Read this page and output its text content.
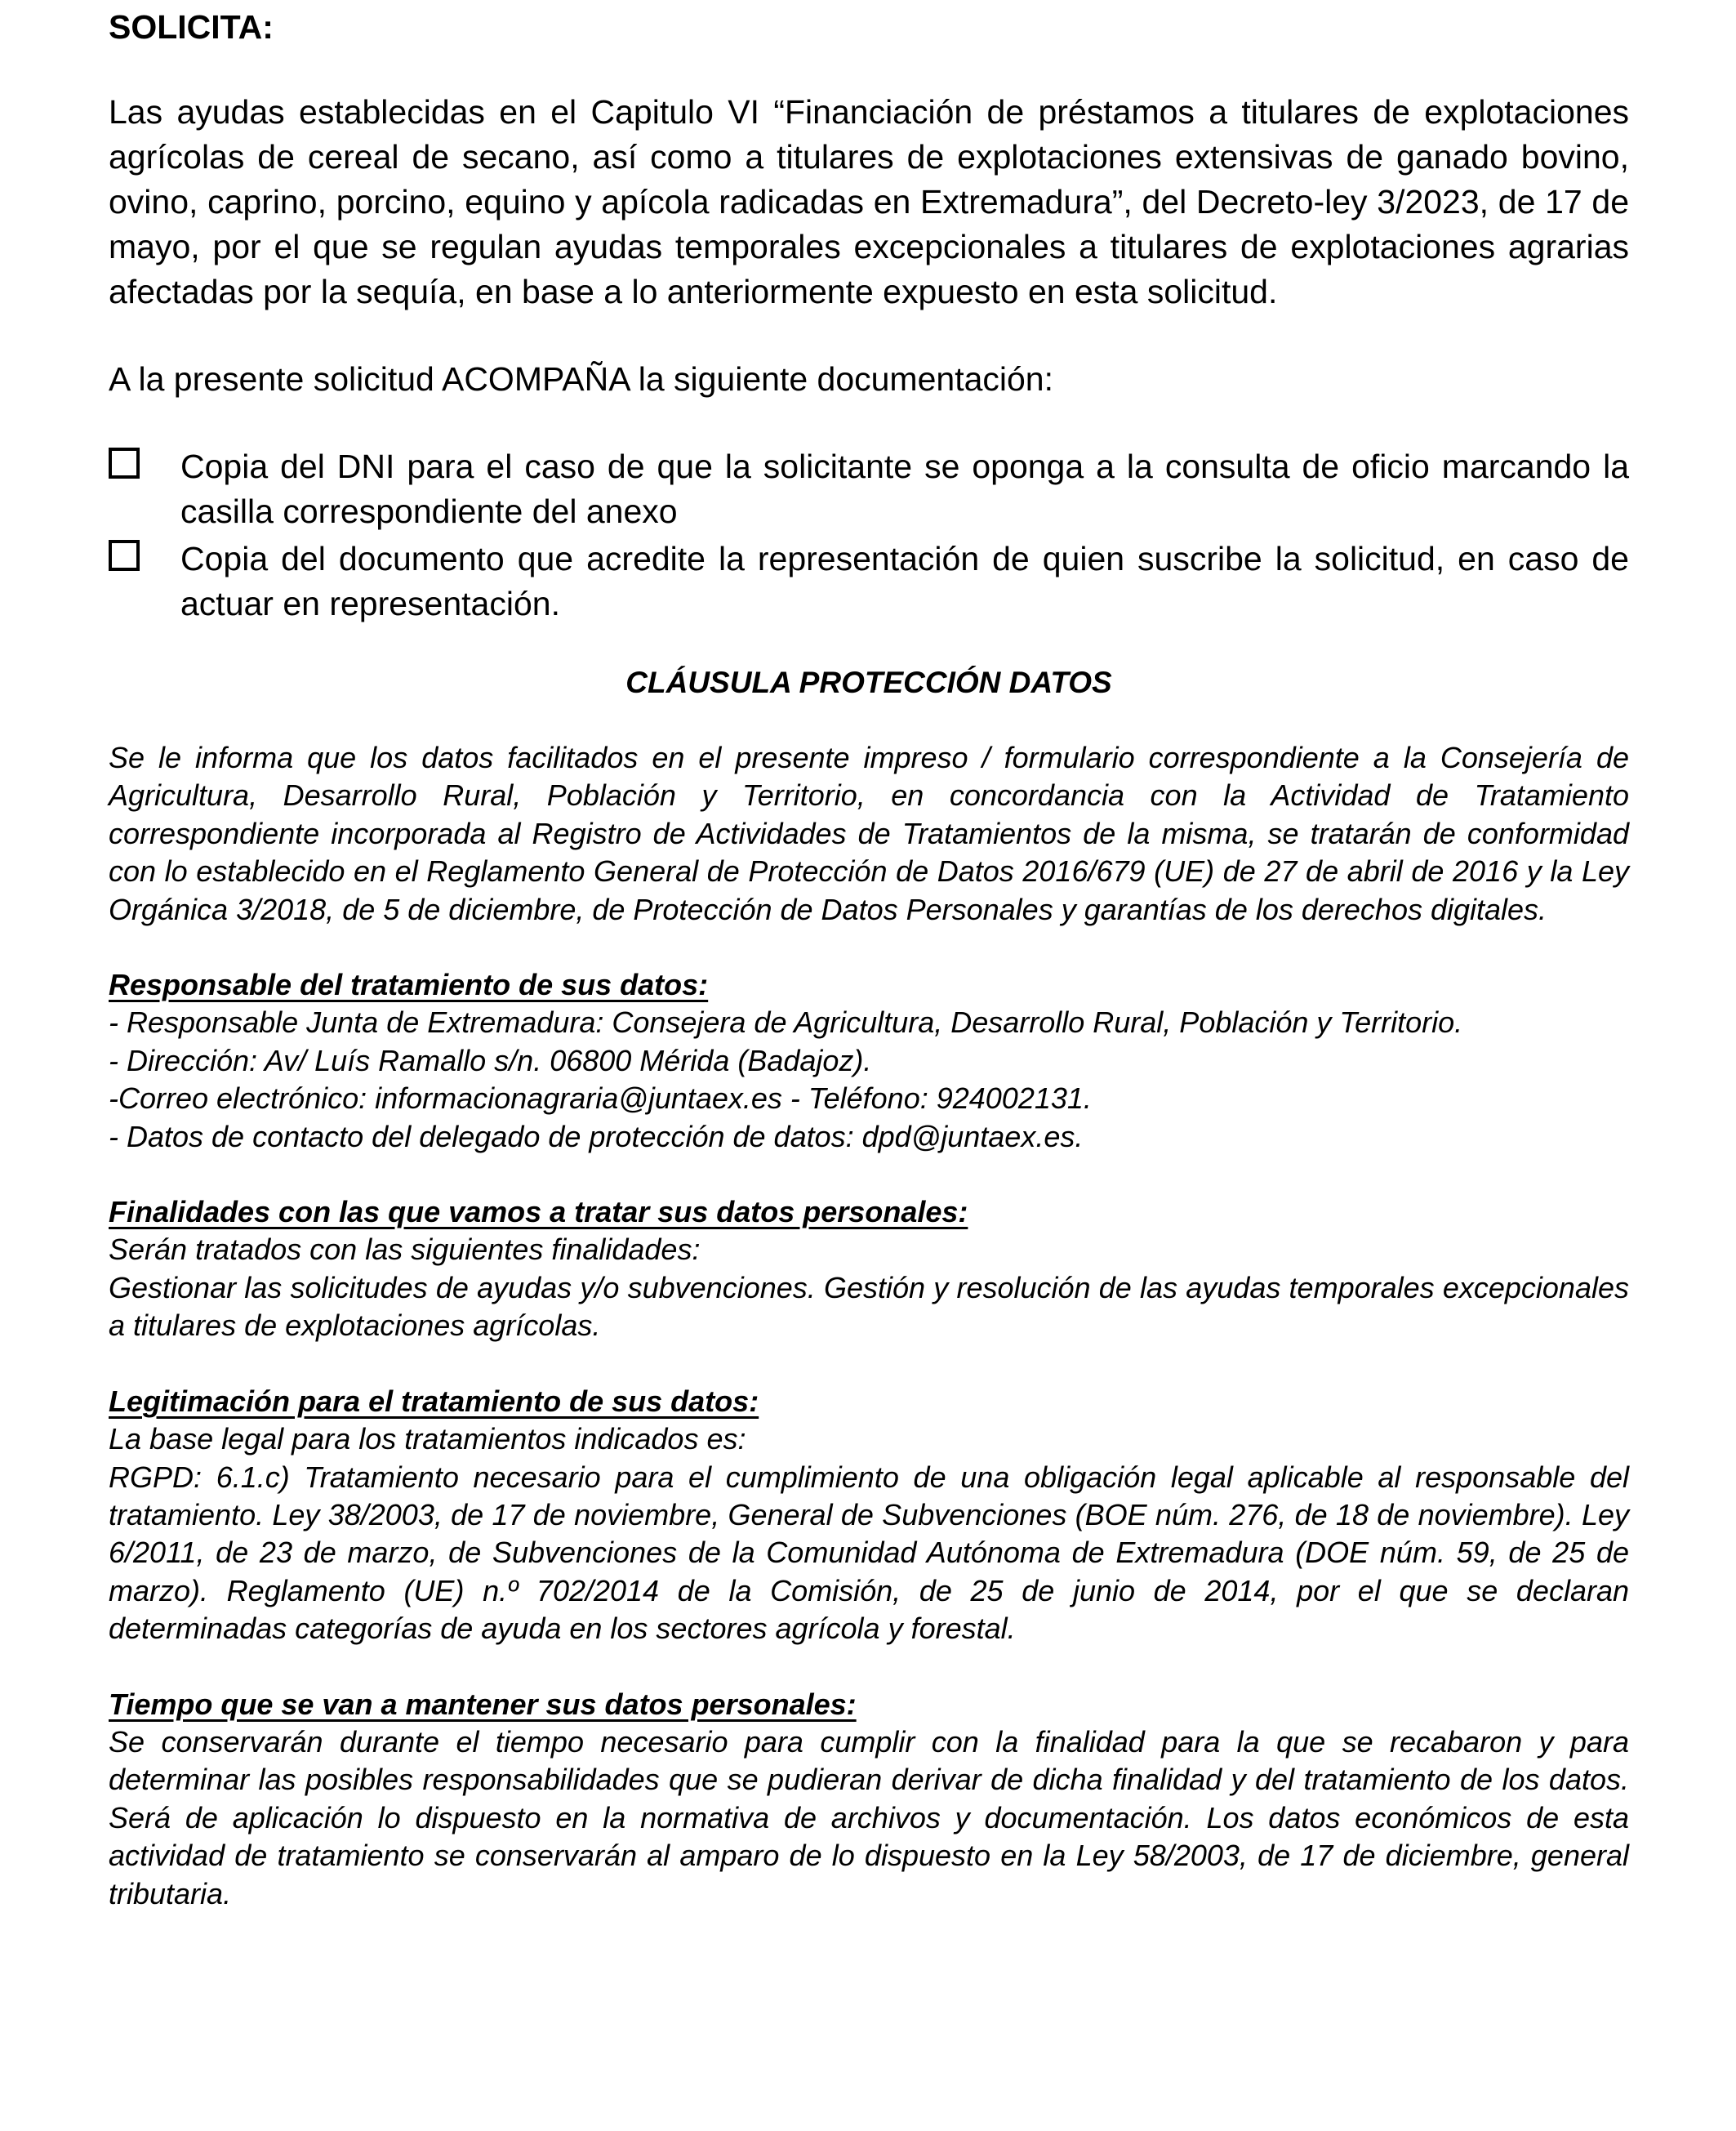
SOLICITA:
Las ayudas establecidas en el Capitulo VI “Financiación de préstamos a titulares de explotaciones agrícolas de cereal de secano, así como a titulares de explotaciones extensivas de ganado bovino, ovino, caprino, porcino, equino y apícola radicadas en Extremadura”, del Decreto-ley 3/2023, de 17 de mayo, por el que se regulan ayudas temporales excepcionales a titulares de explotaciones agrarias afectadas por la sequía, en base a lo anteriormente expuesto en esta solicitud.
A la presente solicitud ACOMPAÑA la siguiente documentación:
Copia del DNI para el caso de que la solicitante se oponga a la consulta de oficio marcando la casilla correspondiente del anexo
Copia del documento que acredite la representación de quien suscribe la solicitud, en caso de actuar en representación.
CLÁUSULA PROTECCIÓN DATOS
Se le informa que los datos facilitados en el presente impreso / formulario correspondiente a la Consejería de Agricultura, Desarrollo Rural, Población y Territorio, en concordancia con la Actividad de Tratamiento correspondiente incorporada al Registro de Actividades de Tratamientos de la misma, se tratarán de conformidad con lo establecido en el Reglamento General de Protección de Datos 2016/679 (UE) de 27 de abril de 2016 y la Ley Orgánica 3/2018, de 5 de diciembre, de Protección de Datos Personales y garantías de los derechos digitales.
Responsable del tratamiento de sus datos:
- Responsable Junta de Extremadura: Consejera de Agricultura, Desarrollo Rural, Población y Territorio.
- Dirección: Av/ Luís Ramallo s/n. 06800 Mérida (Badajoz).
-Correo electrónico: informacionagraria@juntaex.es - Teléfono: 924002131.
- Datos de contacto del delegado de protección de datos: dpd@juntaex.es.
Finalidades con las que vamos a tratar sus datos personales:
Serán tratados con las siguientes finalidades:
Gestionar las solicitudes de ayudas y/o subvenciones. Gestión y resolución de las ayudas temporales excepcionales a titulares de explotaciones agrícolas.
Legitimación para el tratamiento de sus datos:
La base legal para los tratamientos indicados es:
RGPD: 6.1.c) Tratamiento necesario para el cumplimiento de una obligación legal aplicable al responsable del tratamiento. Ley 38/2003, de 17 de noviembre, General de Subvenciones (BOE núm. 276, de 18 de noviembre). Ley 6/2011, de 23 de marzo, de Subvenciones de la Comunidad Autónoma de Extremadura (DOE núm. 59, de 25 de marzo). Reglamento (UE) n.º 702/2014 de la Comisión, de 25 de junio de 2014, por el que se declaran determinadas categorías de ayuda en los sectores agrícola y forestal.
Tiempo que se van a mantener sus datos personales:
Se conservarán durante el tiempo necesario para cumplir con la finalidad para la que se recabaron y para determinar las posibles responsabilidades que se pudieran derivar de dicha finalidad y del tratamiento de los datos. Será de aplicación lo dispuesto en la normativa de archivos y documentación. Los datos económicos de esta actividad de tratamiento se conservarán al amparo de lo dispuesto en la Ley 58/2003, de 17 de diciembre, general tributaria.
